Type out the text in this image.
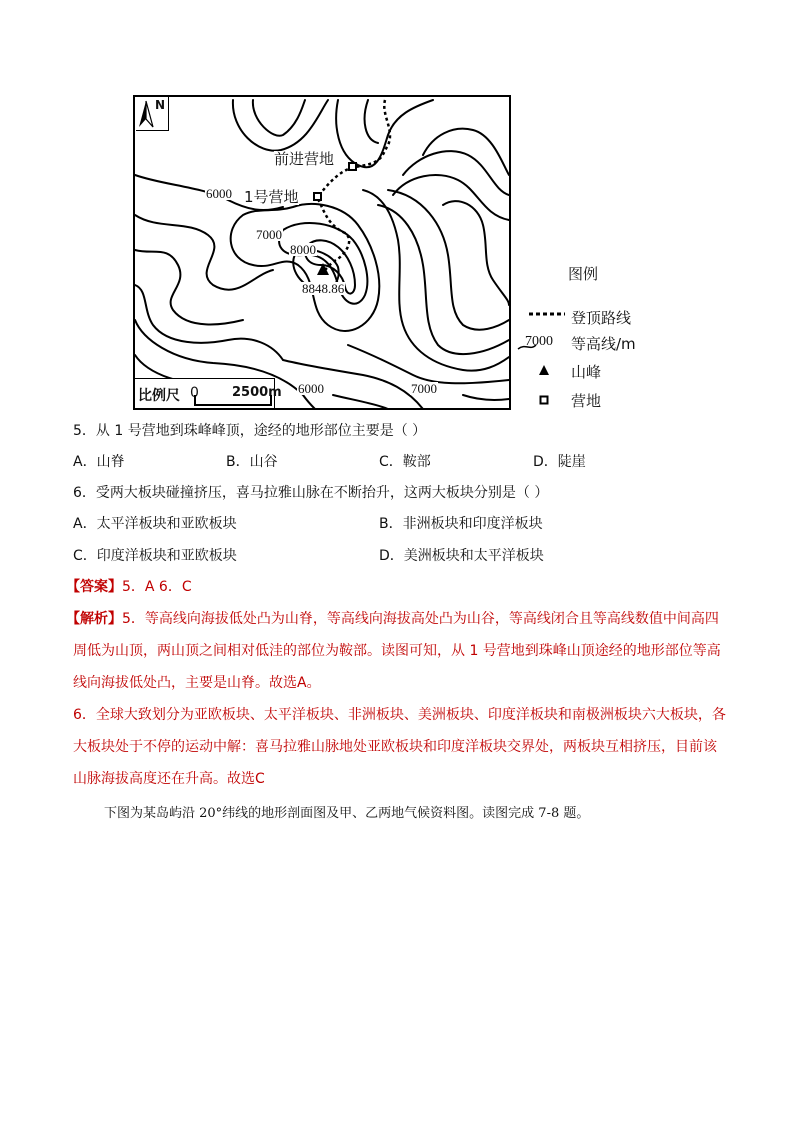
前进营地
1号营地
6000
7000
8000
8848.86
6000	7000
N
比例尺 0	2500m
图例
登顶路线
7000 等高线/m
山峰
营地
5．从 1 号营地到珠峰峰顶，途经的地形部位主要是（ ）
A．山脊	B．山谷	C．鞍部	D．陡崖
6．受两大板块碰撞挤压，喜马拉雅山脉在不断抬升，这两大板块分别是（ ）
A．太平洋板块和亚欧板块	B．非洲板块和印度洋板块
C．印度洋板块和亚欧板块	D．美洲板块和太平洋板块
【答案】5．A 6．C
【解析】5．等高线向海拔低处凸为山脊，等高线向海拔高处凸为山谷，等高线闭合且等高线数值中间高四
周低为山顶，两山顶之间相对低洼的部位为鞍部。读图可知，从 1 号营地到珠峰山顶途经的地形部位等高
线向海拔低处凸，主要是山脊。故选A。
6．全球大致划分为亚欧板块、太平洋板块、非洲板块、美洲板块、印度洋板块和南极洲板块六大板块，各
大板块处于不停的运动中解：喜马拉雅山脉地处亚欧板块和印度洋板块交界处，两板块互相挤压，目前该
山脉海拔高度还在升高。故选C
下图为某岛屿沿 20°纬线的地形剖面图及甲、乙两地气候资料图。读图完成 7-8 题。
